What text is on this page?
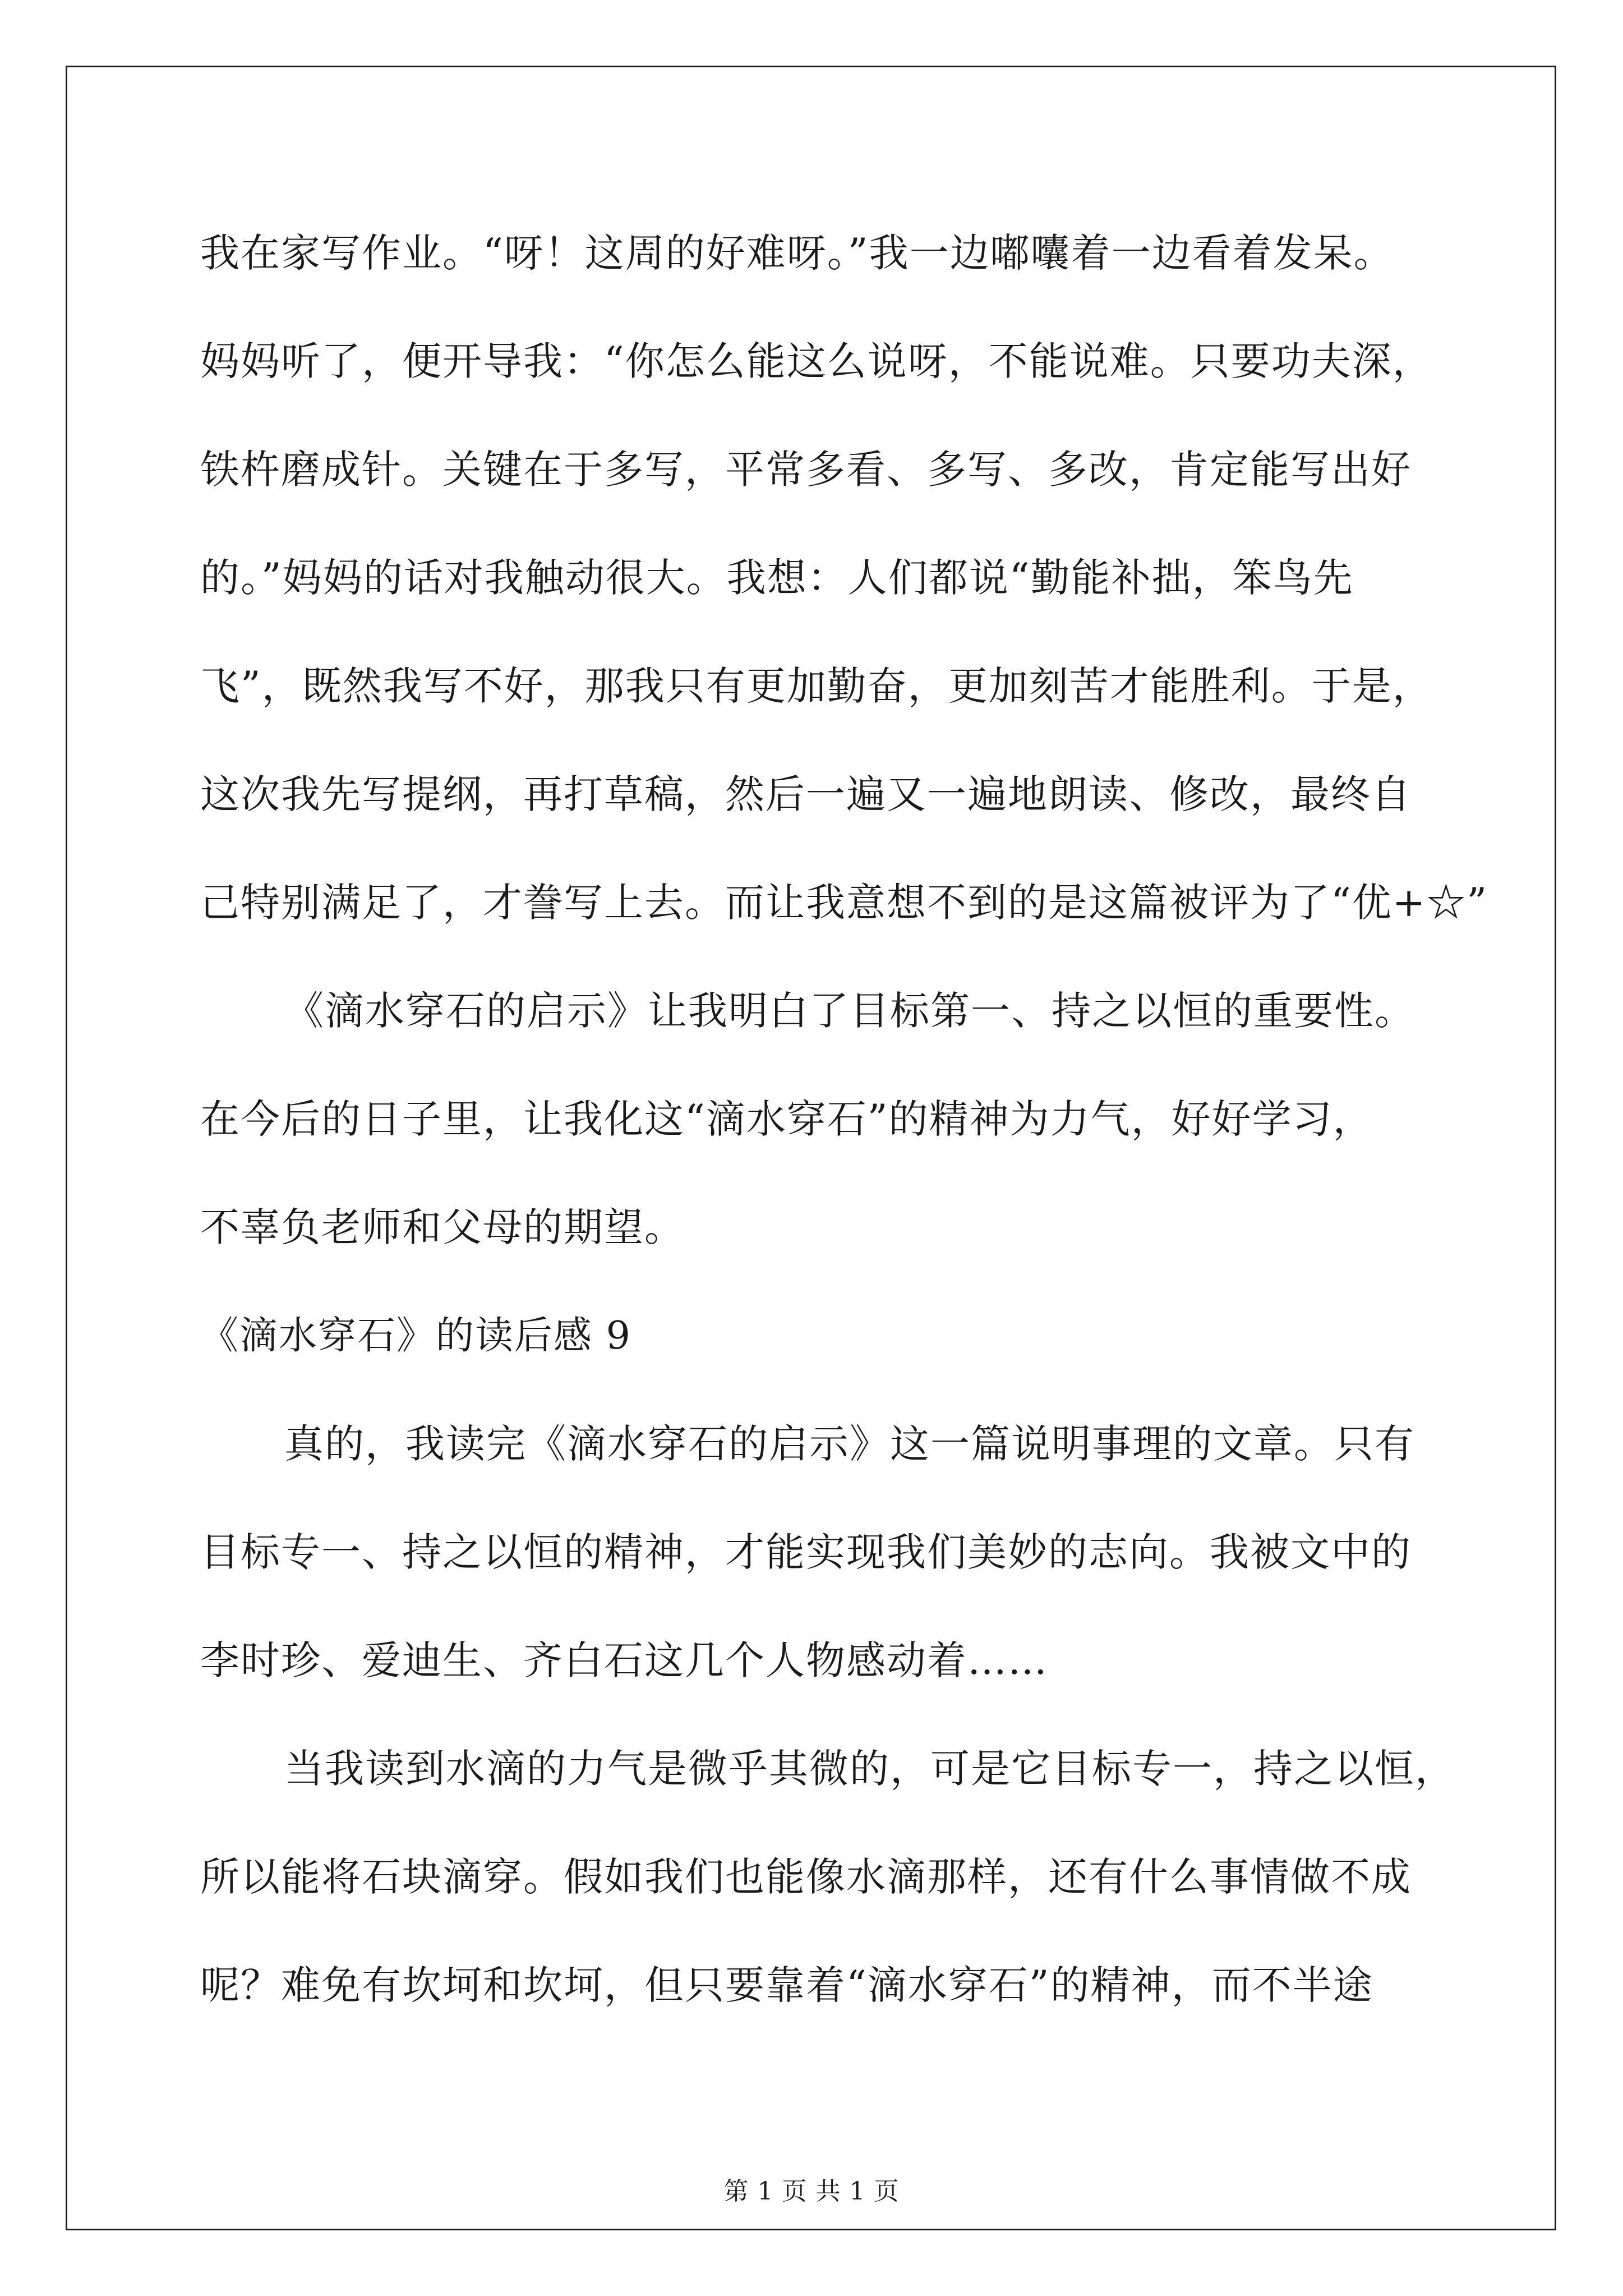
我在家写作业。“呀！这周的好难呀。”我一边嘟囔着一边看着发呆。
妈妈听了，便开导我：“你怎么能这么说呀，不能说难。只要功夫深，
铁杵磨成针。关键在于多写，平常多看、多写、多改，肯定能写出好
的。”妈妈的话对我触动很大。我想：人们都说“勤能补拙，笨鸟先
飞”，既然我写不好，那我只有更加勤奋，更加刻苦才能胜利。于是，
这次我先写提纲，再打草稿，然后一遍又一遍地朗读、修改，最终自
己特别满足了，才誊写上去。而让我意想不到的是这篇被评为了“优+☆”
《滴水穿石的启示》让我明白了目标第一、持之以恒的重要性。
在今后的日子里，让我化这“滴水穿石”的精神为力气，好好学习，
不辜负老师和父母的期望。
《滴水穿石》的读后感 9
真的，我读完《滴水穿石的启示》这一篇说明事理的文章。只有
目标专一、持之以恒的精神，才能实现我们美妙的志向。我被文中的
李时珍、爱迪生、齐白石这几个人物感动着……
当我读到水滴的力气是微乎其微的，可是它目标专一，持之以恒，
所以能将石块滴穿。假如我们也能像水滴那样，还有什么事情做不成
呢？难免有坎坷和坎坷，但只要靠着“滴水穿石”的精神，而不半途
第 1 页 共 1 页
